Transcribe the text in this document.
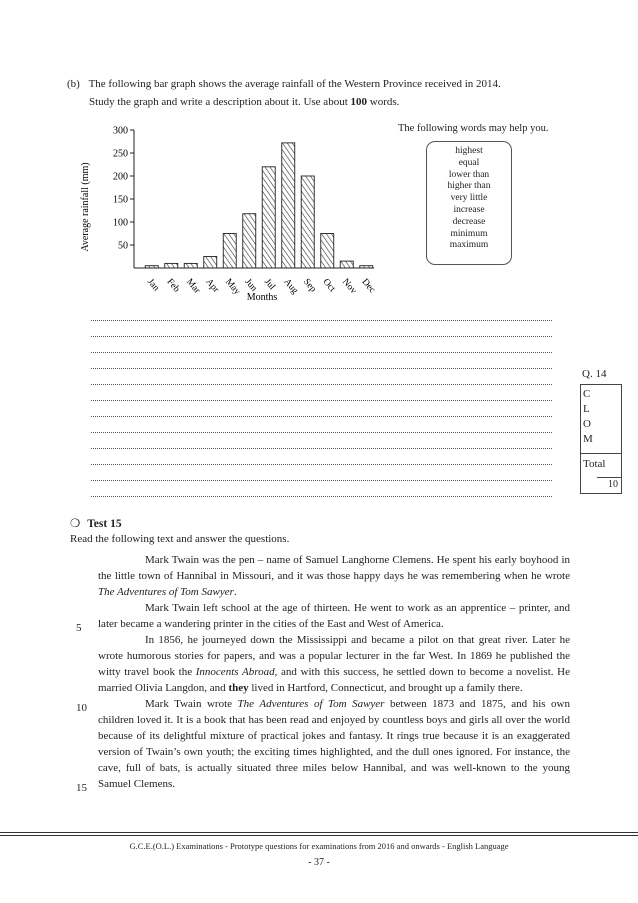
(b) The following bar graph shows the average rainfall of the Western Province received in 2014.
Study the graph and write a description about it. Use about 100 words.
50
100
150
200
250
300
Jan Feb Mar Apr May Jun Jul Aug Sep Oct Nov Dec
Months
Average rainfall (mm)
The following words may help you.
highest
equal
lower than
higher than
very little
increase
decrease
minimum
maximum
Q. 14
C
L
O
M
Total
10
❍ Test 15
Read the following text and answer the questions.

Mark Twain was the pen – name of Samuel Langhorne Clemens. He spent his early boyhood in the little town of Hannibal in Missouri, and it was those happy days he was remembering when he wrote The Adventures of Tom Sawyer.

Mark Twain left school at the age of thirteen. He went to work as an apprentice – printer, and later became a wandering printer in the cities of the East and West of America.

In 1856, he journeyed down the Mississippi and became a pilot on that great river. Later he wrote humorous stories for papers, and was a popular lecturer in the far West. In 1869 he published the witty travel book the Innocents Abroad, and with this success, he settled down to become a novelist. He married Olivia Langdon, and they lived in Hartford, Connecticut, and brought up a family there.

Mark Twain wrote The Adventures of Tom Sawyer between 1873 and 1875, and his own children loved it. It is a book that has been read and enjoyed by countless boys and girls all over the world because of its delightful mixture of practical jokes and fantasy. It rings true because it is an exaggerated version of Twain’s own youth; the exciting times highlighted, and the dull ones ignored. For instance, the cave, full of bats, is actually situated three miles below Hannibal, and was well-known to the young Samuel Clemens.

5
10
15
G.C.E.(O.L.) Examinations - Prototype questions for examinations from 2016 and onwards - English Language
- 37 -
